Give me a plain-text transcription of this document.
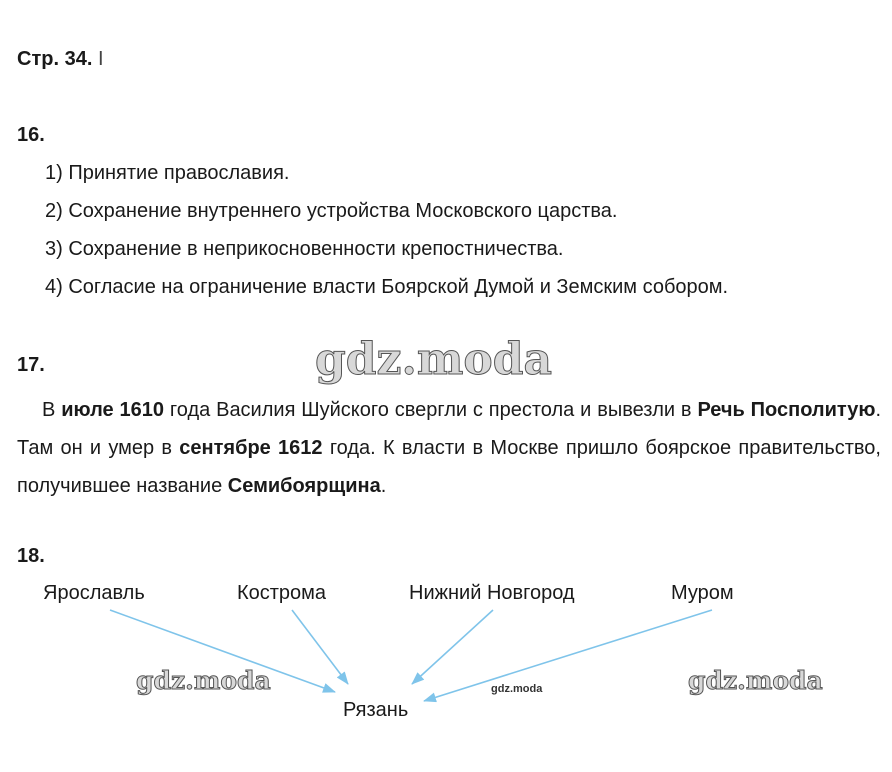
Стр. 34. I
16.
1) Принятие православия.
2) Сохранение внутреннего устройства Московского царства.
3) Сохранение в неприкосновенности крепостничества.
4) Согласие на ограничение власти Боярской Думой и Земским собором.
17.	gdz.moda
В июле 1610 года Василия Шуйского свергли с престола и вывезли в Речь Посполитую. Там он и умер в сентябре 1612 года. К власти в Москве пришло боярское правительство, получившее название Семибоярщина.
18.
Ярославль	Кострома	Нижний Новгород	Муром
Рязань
gdz.moda	gdz.moda
gdz.moda
